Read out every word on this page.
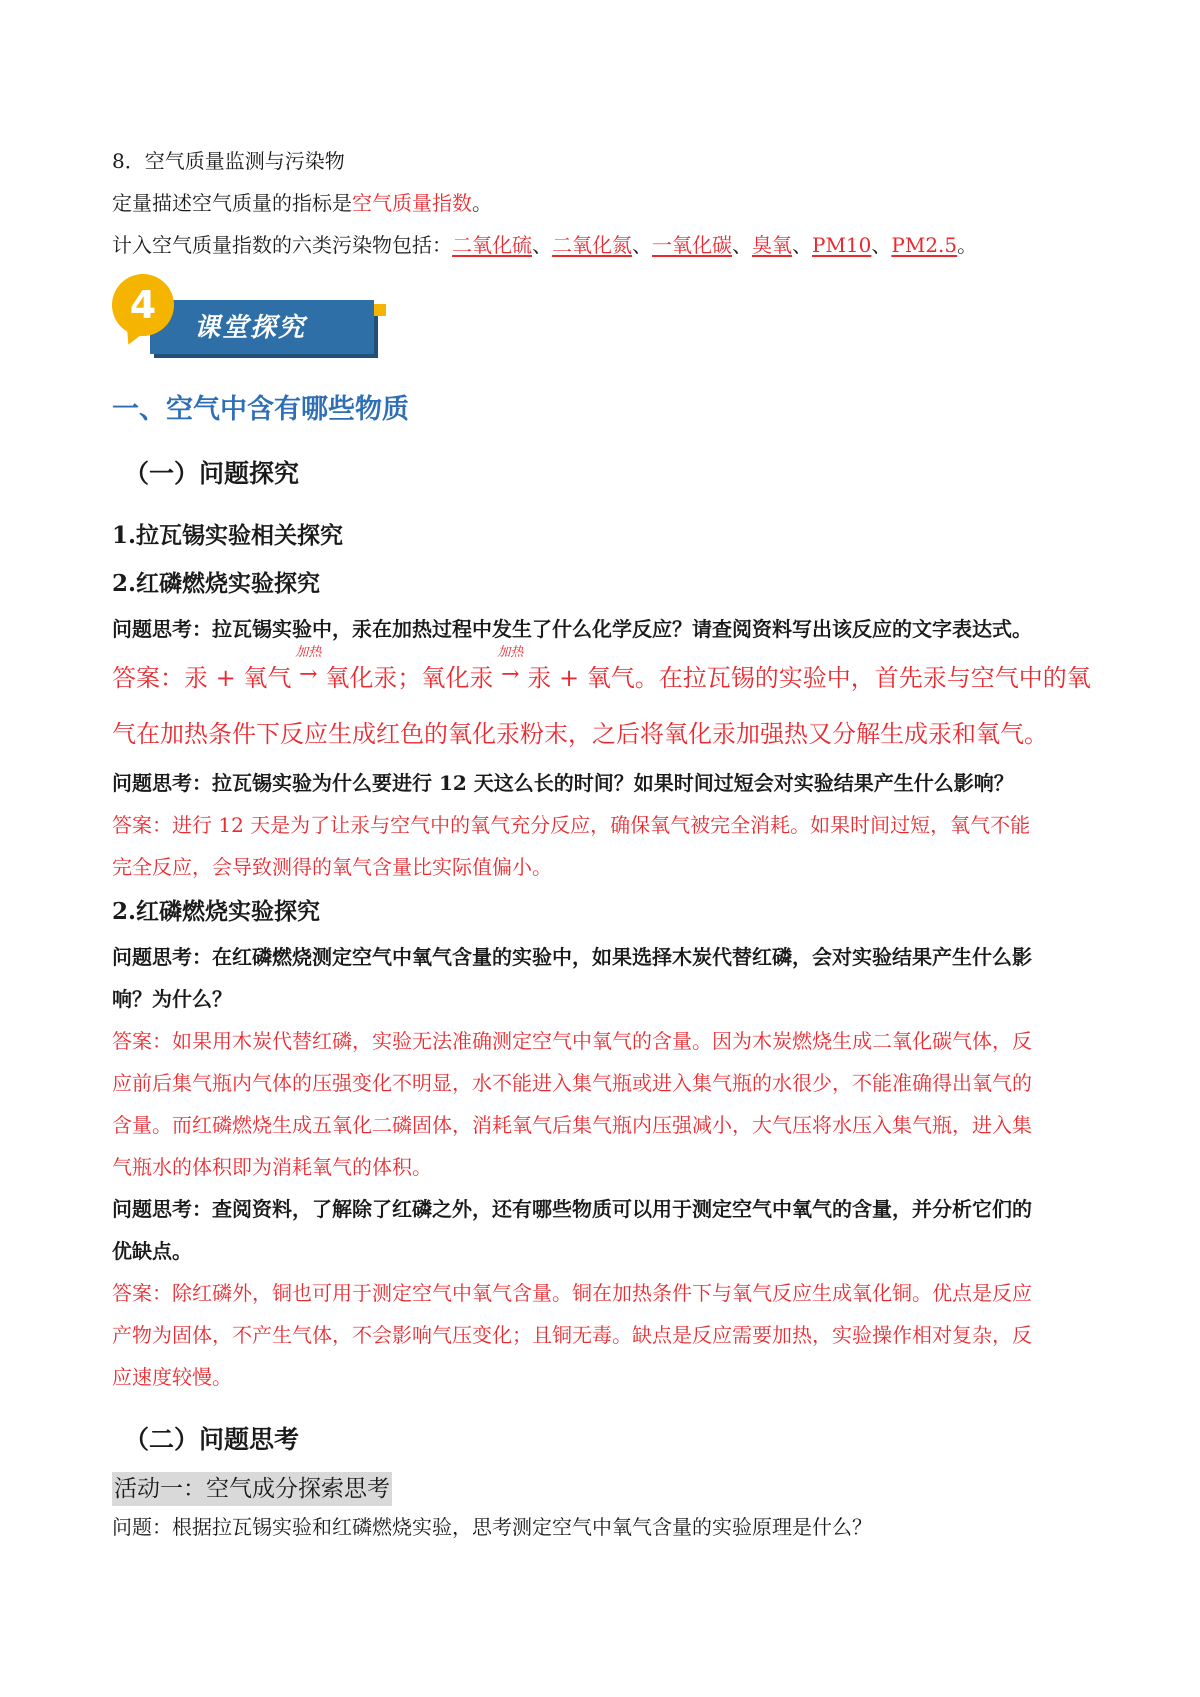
8．空气质量监测与污染物

定量描述空气质量的指标是空气质量指数。

计入空气质量指数的六类污染物包括：二氧化硫、二氧化氮、一氧化碳、臭氧、PM10、PM2.5。

课堂探究
4

一、空气中含有哪些物质

（一）问题探究

1.拉瓦锡实验相关探究

2.红磷燃烧实验探究

问题思考：拉瓦锡实验中，汞在加热过程中发生了什么化学反应？请查阅资料写出该反应的文字表达式。

答案：汞 + 氧气
加热
→ 氧化汞；氧化汞
加热
→ 汞 + 氧气。在拉瓦锡的实验中，首先汞与空气中的氧

气在加热条件下反应生成红色的氧化汞粉末，之后将氧化汞加强热又分解生成汞和氧气。

问题思考：拉瓦锡实验为什么要进行 12 天这么长的时间？如果时间过短会对实验结果产生什么影响？

答案：进行 12 天是为了让汞与空气中的氧气充分反应，确保氧气被完全消耗。如果时间过短，氧气不能

完全反应，会导致测得的氧气含量比实际值偏小。

2.红磷燃烧实验探究

问题思考：在红磷燃烧测定空气中氧气含量的实验中，如果选择木炭代替红磷，会对实验结果产生什么影

响？为什么？

答案：如果用木炭代替红磷，实验无法准确测定空气中氧气的含量。因为木炭燃烧生成二氧化碳气体，反

应前后集气瓶内气体的压强变化不明显，水不能进入集气瓶或进入集气瓶的水很少，不能准确得出氧气的

含量。而红磷燃烧生成五氧化二磷固体，消耗氧气后集气瓶内压强减小，大气压将水压入集气瓶，进入集

气瓶水的体积即为消耗氧气的体积。

问题思考：查阅资料，了解除了红磷之外，还有哪些物质可以用于测定空气中氧气的含量，并分析它们的

优缺点。

答案：除红磷外，铜也可用于测定空气中氧气含量。铜在加热条件下与氧气反应生成氧化铜。优点是反应

产物为固体，不产生气体，不会影响气压变化；且铜无毒。缺点是反应需要加热，实验操作相对复杂，反

应速度较慢。

（二）问题思考

活动一：空气成分探索思考

问题：根据拉瓦锡实验和红磷燃烧实验，思考测定空气中氧气含量的实验原理是什么？
